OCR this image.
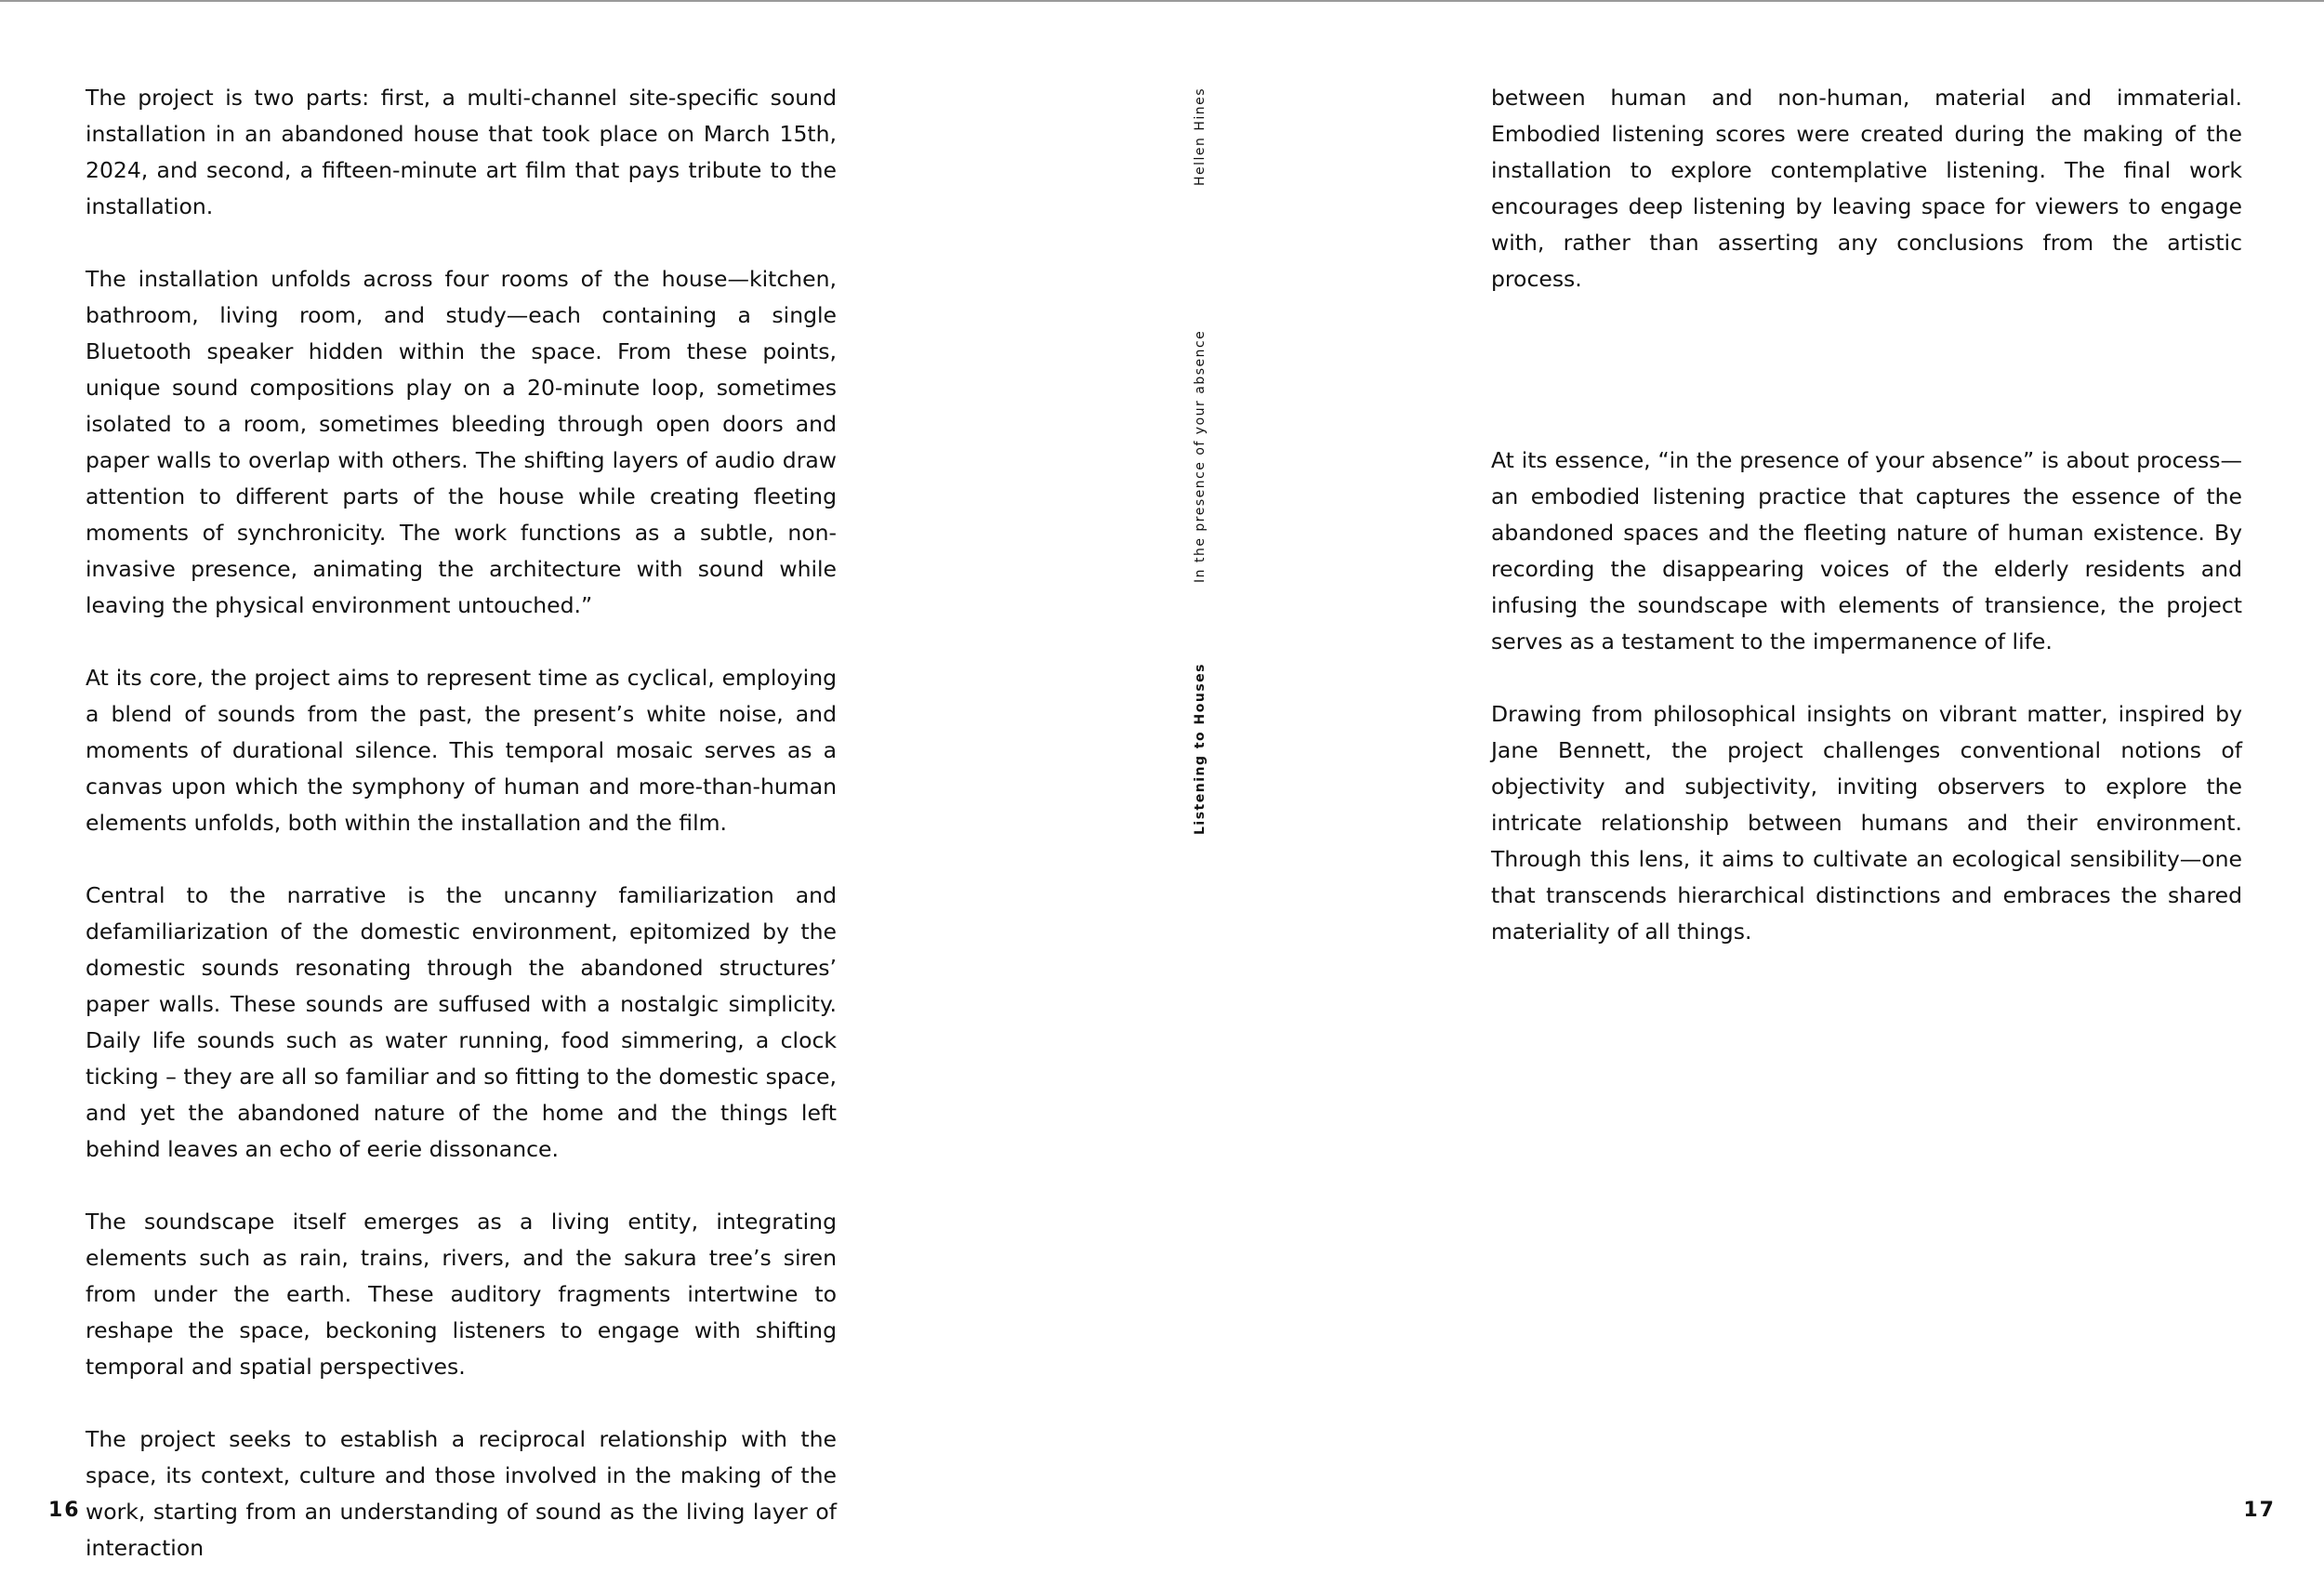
The project is two parts: first, a multi-channel site-specific sound installation in an abandoned house that took place on March 15th, 2024, and second, a fifteen-minute art film that pays tribute to the installation.

The installation unfolds across four rooms of the house—kitchen, bathroom, living room, and study—each containing a single Bluetooth speaker hidden within the space. From these points, unique sound compositions play on a 20-minute loop, sometimes isolated to a room, sometimes bleeding through open doors and paper walls to overlap with others. The shifting layers of audio draw attention to different parts of the house while creating fleeting moments of synchronicity. The work functions as a subtle, non-invasive presence, animating the architecture with sound while leaving the physical environment untouched.”

At its core, the project aims to represent time as cyclical, employing a blend of sounds from the past, the present’s white noise, and moments of durational silence. This temporal mosaic serves as a canvas upon which the symphony of human and more-than-human elements unfolds, both within the installation and the film.

Central to the narrative is the uncanny familiarization and defamiliarization of the domestic environment, epitomized by the domestic sounds resonating through the abandoned structures’ paper walls. These sounds are suffused with a nostalgic simplicity. Daily life sounds such as water running, food simmering, a clock ticking – they are all so familiar and so fitting to the domestic space, and yet the abandoned nature of the home and the things left behind leaves an echo of eerie dissonance.

The soundscape itself emerges as a living entity, integrating elements such as rain, trains, rivers, and the sakura tree’s siren from under the earth. These auditory fragments intertwine to reshape the space, beckoning listeners to engage with shifting temporal and spatial perspectives.

The project seeks to establish a reciprocal relationship with the space, its context, culture and those involved in the making of the work, starting from an understanding of sound as the living layer of interaction

Hellen Hines
In the presence of your absence
Listening to Houses

between human and non-human, material and immaterial. Embodied listening scores were created during the making of the installation to explore contemplative listening. The final work encourages deep listening by leaving space for viewers to engage with, rather than asserting any conclusions from the artistic process.

At its essence, “in the presence of your absence” is about process—an embodied listening practice that captures the essence of the abandoned spaces and the fleeting nature of human existence. By recording the disappearing voices of the elderly residents and infusing the soundscape with elements of transience, the project serves as a testament to the impermanence of life.

Drawing from philosophical insights on vibrant matter, inspired by Jane Bennett, the project challenges conventional notions of objectivity and subjectivity, inviting observers to explore the intricate relationship between humans and their environment. Through this lens, it aims to cultivate an ecological sensibility—one that transcends hierarchical distinctions and embraces the shared materiality of all things.

16	17
